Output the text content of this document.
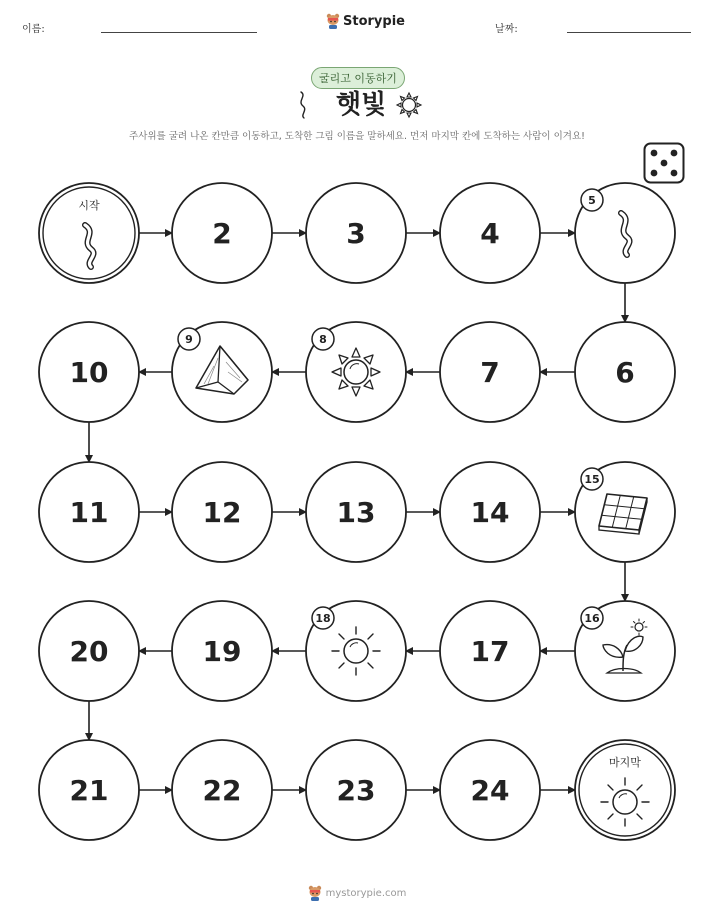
이름:
Storypie
날짜:
굴리고 이동하기
햇빛
주사위를 굴려 나온 칸만큼 이동하고, 도착한 그림 이름을 말하세요. 먼저 마지막 칸에 도착하는 사람이 이겨요!
시작
2	3	4
5
6
7
8
9
10
11	12	13	14
15
16
17
18
19
20
21	22	23	24
마지막
mystorypie.com
